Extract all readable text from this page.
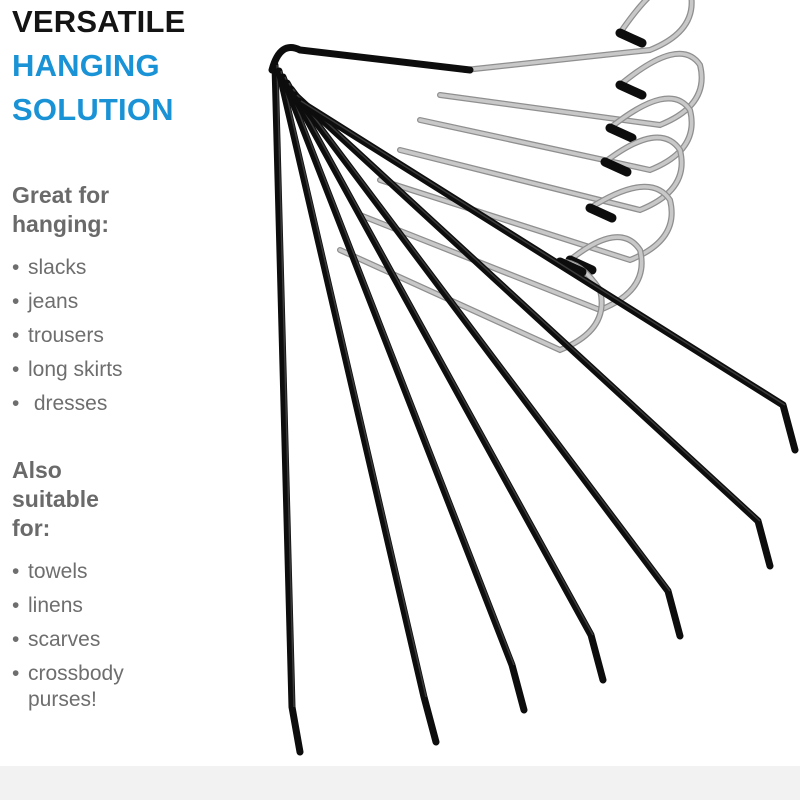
VERSATILE
HANGING
SOLUTION
Great for
hanging:
• slacks
• jeans
• trousers
• long skirts
• dresses
Also
suitable
for:
• towels
• linens
• scarves
• crossbody
purses!
